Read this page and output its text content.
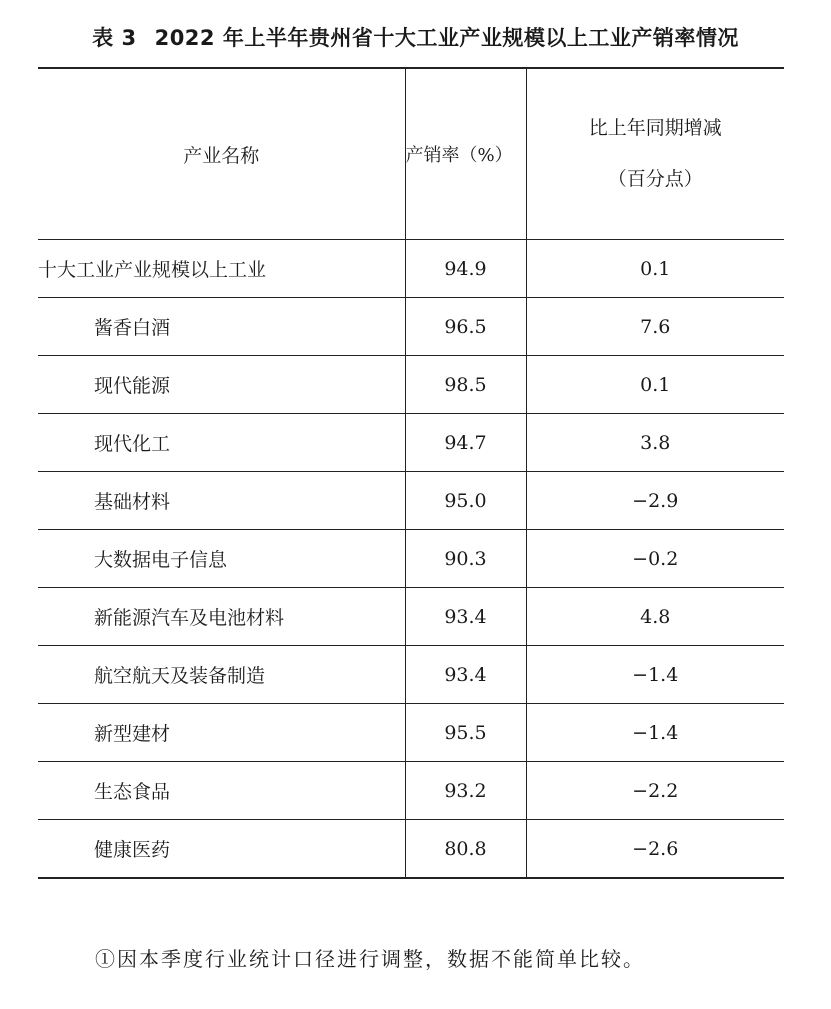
表 3 2022 年上半年贵州省十大工业产业规模以上工业产销率情况
产业名称	产销率（%）	比上年同期增减
（百分点）
十大工业产业规模以上工业	94.9	0.1
酱香白酒	96.5	7.6
现代能源	98.5	0.1
现代化工	94.7	3.8
基础材料	95.0	−2.9
大数据电子信息	90.3	−0.2
新能源汽车及电池材料	93.4	4.8
航空航天及装备制造	93.4	−1.4
新型建材	95.5	−1.4
生态食品	93.2	−2.2
健康医药	80.8	−2.6
①因本季度行业统计口径进行调整，数据不能简单比较。
